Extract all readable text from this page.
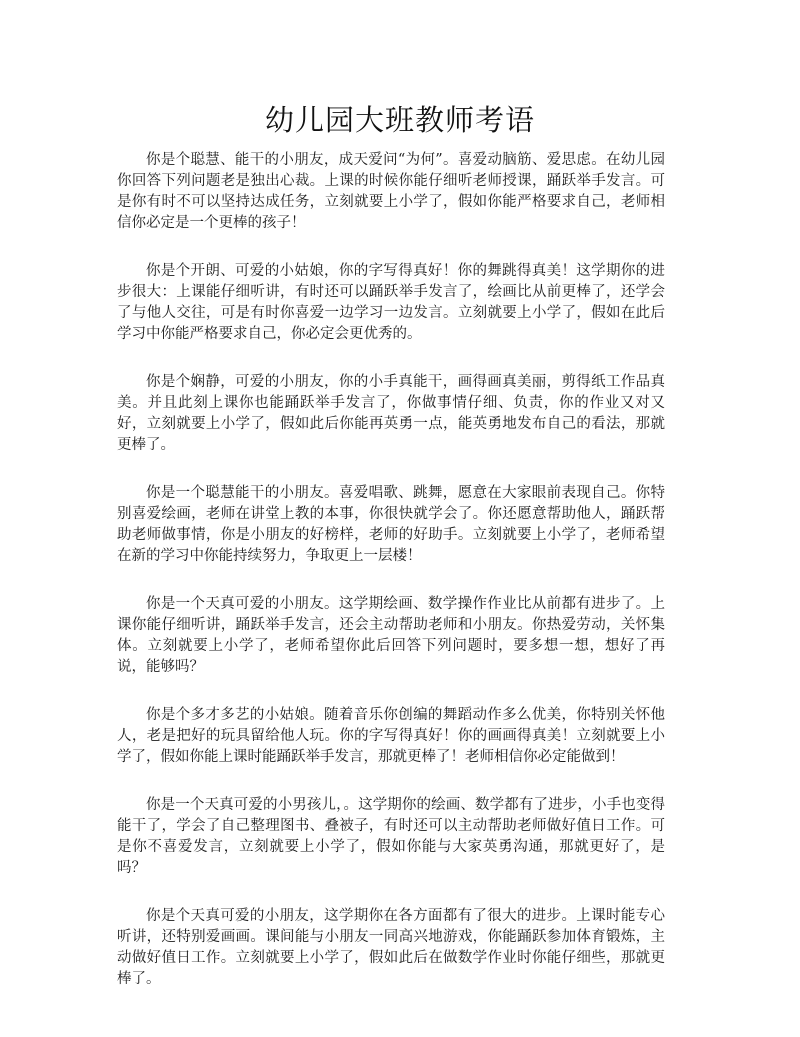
幼儿园大班教师考语

你是个聪慧、能干的小朋友，成天爱问“为何”。喜爱动脑筋、爱思虑。在幼儿园你回答下列问题老是独出心裁。上课的时候你能仔细听老师授课，踊跃举手发言。可是你有时不可以坚持达成任务，立刻就要上小学了，假如你能严格要求自己，老师相信你必定是一个更棒的孩子！

你是个开朗、可爱的小姑娘，你的字写得真好！你的舞跳得真美！这学期你的进步很大：上课能仔细听讲，有时还可以踊跃举手发言了，绘画比从前更棒了，还学会了与他人交往，可是有时你喜爱一边学习一边发言。立刻就要上小学了，假如在此后学习中你能严格要求自己，你必定会更优秀的。

你是个娴静，可爱的小朋友，你的小手真能干，画得画真美丽，剪得纸工作品真美。并且此刻上课你也能踊跃举手发言了，你做事情仔细、负责，你的作业又对又好，立刻就要上小学了，假如此后你能再英勇一点，能英勇地发布自己的看法，那就更棒了。

你是一个聪慧能干的小朋友。喜爱唱歌、跳舞，愿意在大家眼前表现自己。你特别喜爱绘画，老师在讲堂上教的本事，你很快就学会了。你还愿意帮助他人，踊跃帮助老师做事情，你是小朋友的好榜样，老师的好助手。立刻就要上小学了，老师希望在新的学习中你能持续努力，争取更上一层楼！

你是一个天真可爱的小朋友。这学期绘画、数学操作作业比从前都有进步了。上课你能仔细听讲，踊跃举手发言，还会主动帮助老师和小朋友。你热爱劳动，关怀集体。立刻就要上小学了，老师希望你此后回答下列问题时，要多想一想，想好了再说，能够吗？

你是个多才多艺的小姑娘。随着音乐你创编的舞蹈动作多么优美，你特别关怀他人，老是把好的玩具留给他人玩。你的字写得真好！你的画画得真美！立刻就要上小学了，假如你能上课时能踊跃举手发言，那就更棒了！老师相信你必定能做到！

你是一个天真可爱的小男孩儿，。这学期你的绘画、数学都有了进步，小手也变得能干了，学会了自己整理图书、叠被子，有时还可以主动帮助老师做好值日工作。可是你不喜爱发言，立刻就要上小学了，假如你能与大家英勇沟通，那就更好了，是吗？

你是个天真可爱的小朋友，这学期你在各方面都有了很大的进步。上课时能专心听讲，还特别爱画画。课间能与小朋友一同高兴地游戏，你能踊跃参加体育锻炼，主动做好值日工作。立刻就要上小学了，假如此后在做数学作业时你能仔细些，那就更棒了。
